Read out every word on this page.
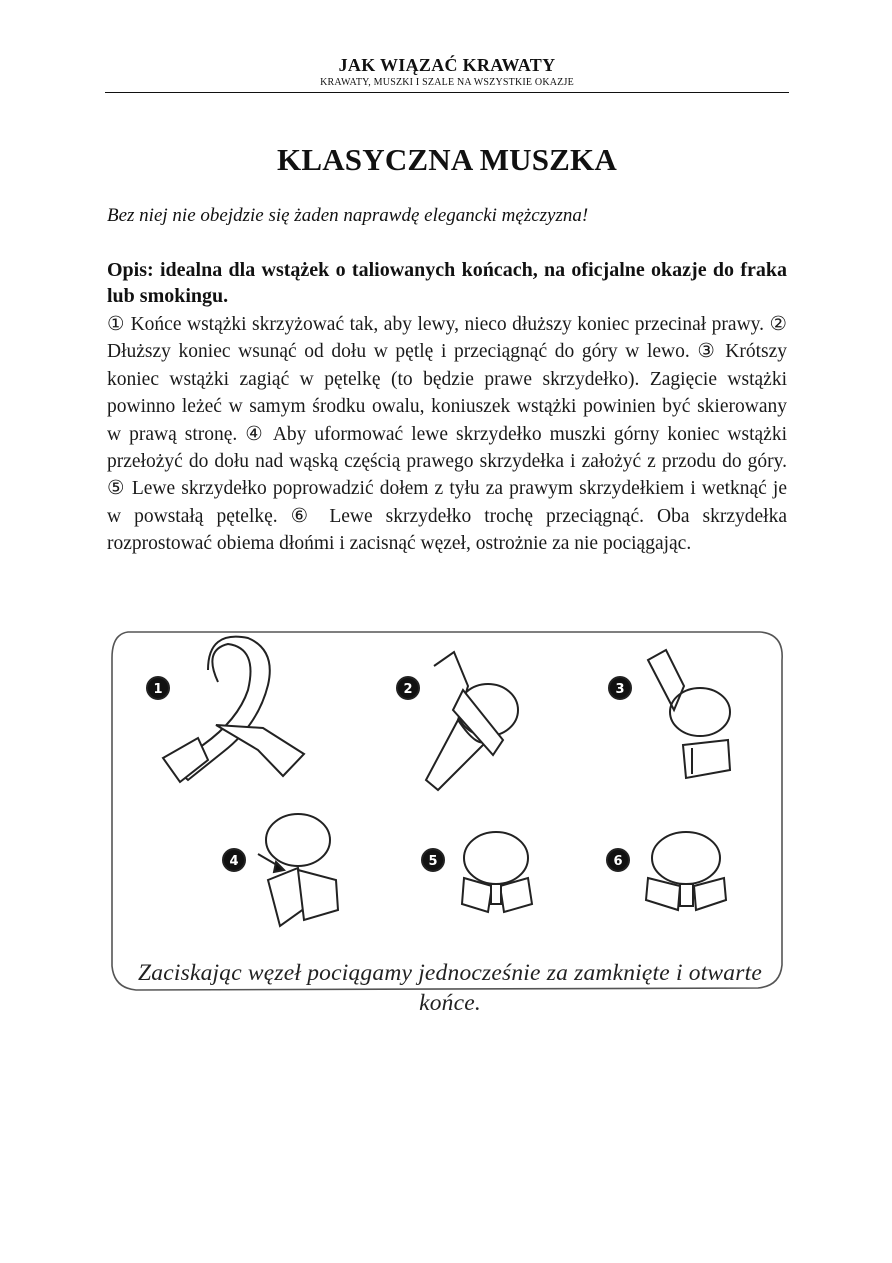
JAK WIĄZAĆ KRAWATY
KRAWATY, MUSZKI I SZALE NA WSZYSTKIE OKAZJE
KLASYCZNA MUSZKA
Bez niej nie obejdzie się żaden naprawdę elegancki mężczyzna!
Opis: idealna dla wstążek o taliowanych końcach, na oficjalne okazje do fraka lub smokingu.
① Końce wstążki skrzyżować tak, aby lewy, nieco dłuższy koniec przecinał prawy. ② Dłuższy koniec wsunąć od dołu w pętlę i przeciągnąć do góry w lewo. ③ Krótszy koniec wstążki zagiąć w pętelkę (to będzie prawe skrzydełko). Zagięcie wstążki powinno leżeć w samym środku owalu, koniuszek wstążki powinien być skierowany w prawą stronę. ④ Aby uformować lewe skrzydełko muszki górny koniec wstążki przełożyć do dołu nad wąską częścią prawego skrzydełka i założyć z przodu do góry. ⑤ Lewe skrzydełko poprowadzić dołem z tyłu za prawym skrzydełkiem i wetknąć je w powstałą pętelkę. ⑥ Lewe skrzydełko trochę przeciągnąć. Oba skrzydełka rozprostować obiema dłońmi i zacisnąć węzeł, ostrożnie za nie pociągając.
1	2	3
4	5	6
Zaciskając węzeł pociągamy jednocześnie za zamknięte i otwarte końce.
